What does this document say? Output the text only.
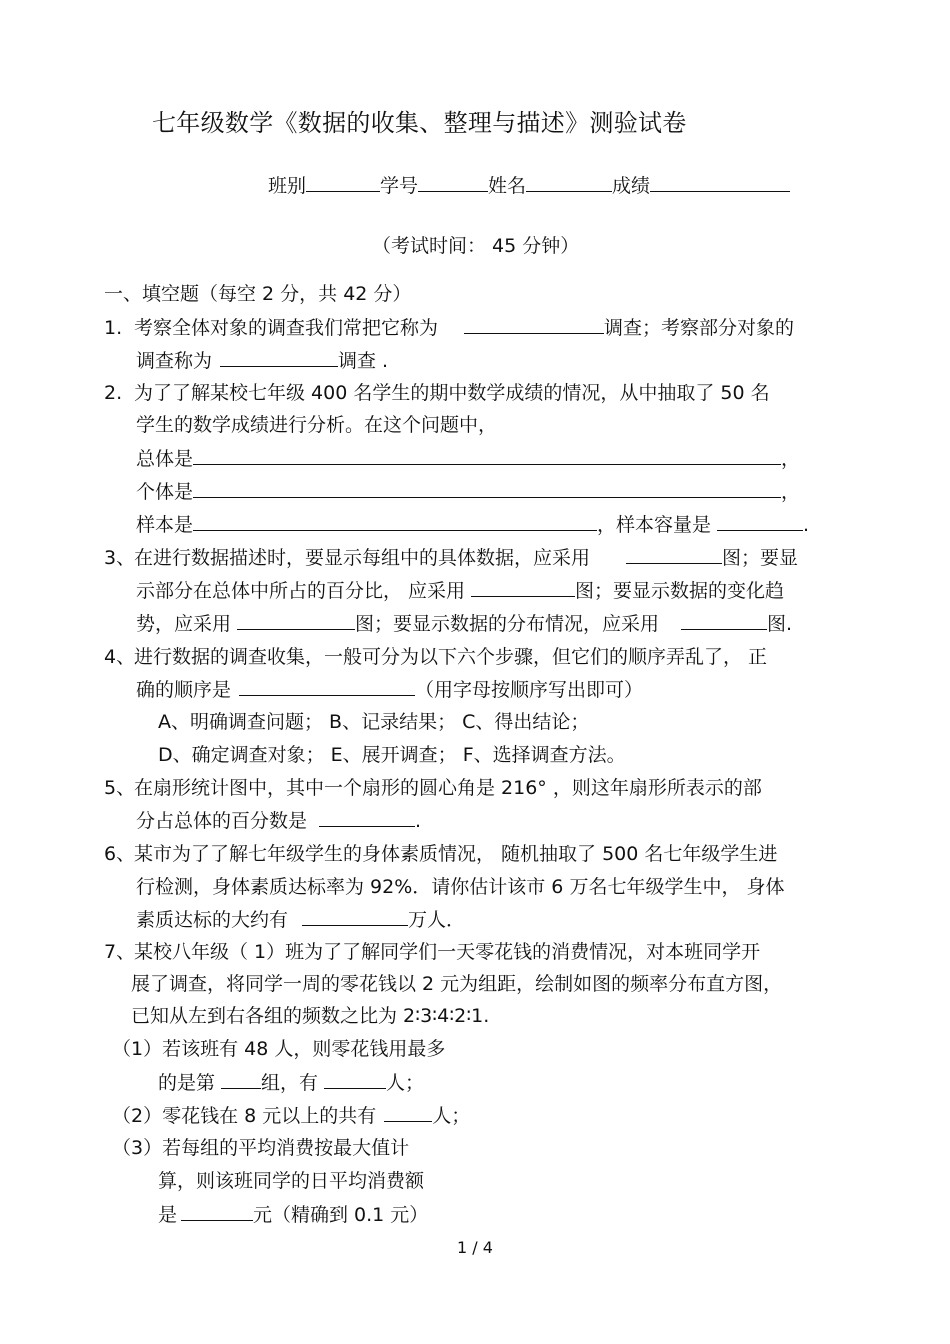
七年级数学《数据的收集、整理与描述》测验试卷
班别	学号	姓名	成绩
（考试时间： 45 分钟）
一、填空题（每空 2 分，共 42 分）
1. 考察全体对象的调查我们常把它称为	调查；考察部分对象的
调查称为	调查 .
2. 为了了解某校七年级 400 名学生的期中数学成绩的情况，从中抽取了 50 名
学生的数学成绩进行分析。在这个问题中，
总体是	，
个体是	，
样本是	，样本容量是	.
3、在进行数据描述时，要显示每组中的具体数据，应采用	图；要显
示部分在总体中所占的百分比， 应采用	图；要显示数据的变化趋
势，应采用	图；要显示数据的分布情况，应采用	图.
4、进行数据的调查收集，一般可分为以下六个步骤，但它们的顺序弄乱了， 正
确的顺序是	（用字母按顺序写出即可）
A、明确调查问题； B、记录结果； C、得出结论；
D、确定调查对象； E、展开调查； F、选择调查方法。
5、在扇形统计图中，其中一个扇形的圆心角是 216° ，则这年扇形所表示的部
分占总体的百分数是	.
6、某市为了了解七年级学生的身体素质情况， 随机抽取了 500 名七年级学生进
行检测，身体素质达标率为 92%．请你估计该市 6 万名七年级学生中， 身体
素质达标的大约有	万人．
7、某校八年级（ 1）班为了了解同学们一天零花钱的消费情况，对本班同学开
展了调查，将同学一周的零花钱以 2 元为组距，绘制如图的频率分布直方图，
已知从左到右各组的频数之比为 2∶3∶4∶2∶1.
（1）若该班有 48 人，则零花钱用最多
的是第 组，有	人；
（2）零花钱在 8 元以上的共有	人；
（3）若每组的平均消费按最大值计
算，则该班同学的日平均消费额
是	元（精确到 0.1 元）
1 / 4
